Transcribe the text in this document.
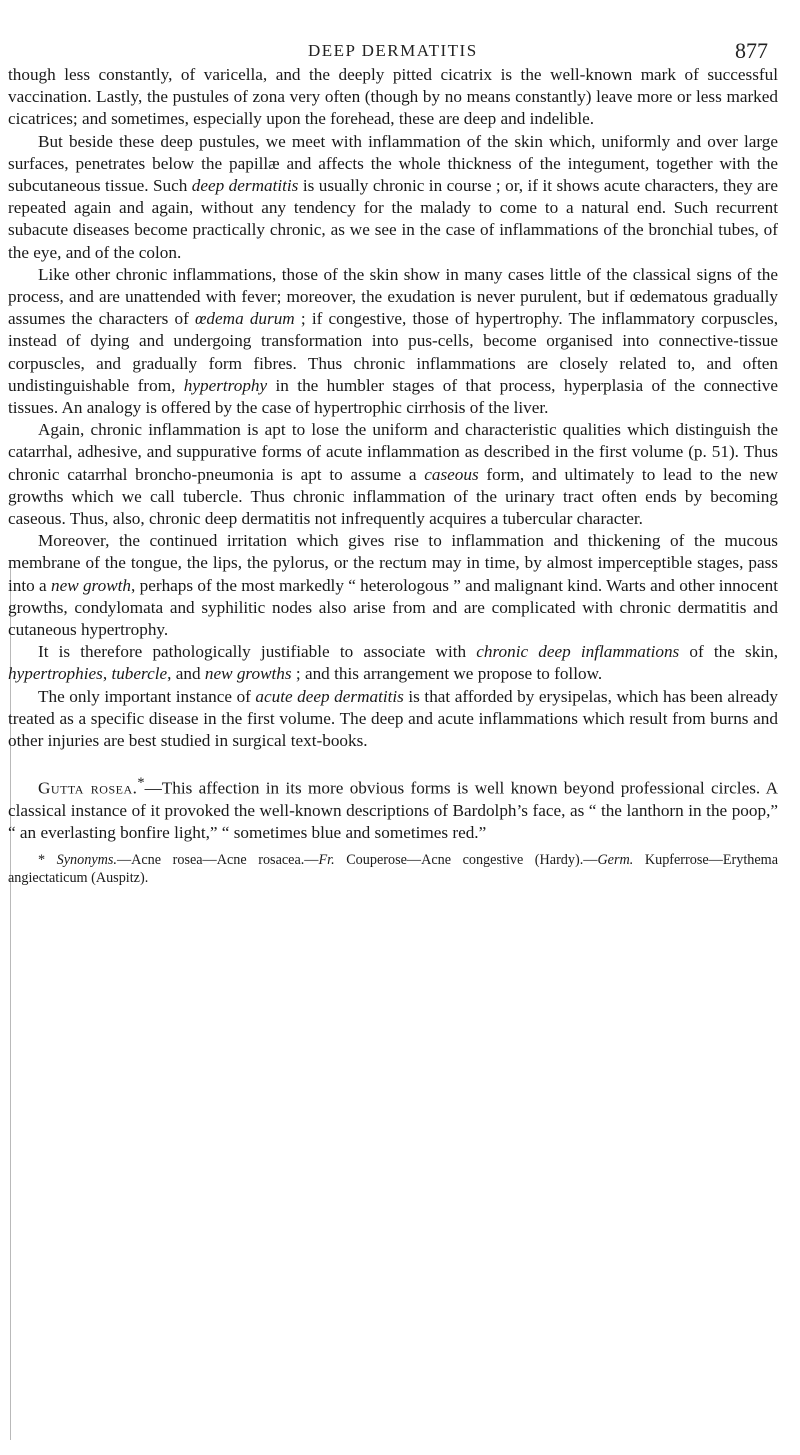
DEEP DERMATITIS	877

though less constantly, of varicella, and the deeply pitted cicatrix is the well-known mark of successful vaccination. Lastly, the pustules of zona very often (though by no means constantly) leave more or less marked cicatrices; and sometimes, especially upon the forehead, these are deep and indelible.

But beside these deep pustules, we meet with inflammation of the skin which, uniformly and over large surfaces, penetrates below the papillæ and affects the whole thickness of the integument, together with the subcutaneous tissue. Such deep dermatitis is usually chronic in course ; or, if it shows acute characters, they are repeated again and again, without any tendency for the malady to come to a natural end. Such recurrent subacute diseases become practically chronic, as we see in the case of inflammations of the bronchial tubes, of the eye, and of the colon.

Like other chronic inflammations, those of the skin show in many cases little of the classical signs of the process, and are unattended with fever; moreover, the exudation is never purulent, but if œdematous gradually assumes the characters of œdema durum ; if congestive, those of hypertrophy. The inflammatory corpuscles, instead of dying and undergoing transformation into pus-cells, become organised into connective-tissue corpuscles, and gradually form fibres. Thus chronic inflammations are closely related to, and often undistinguishable from, hypertrophy in the humbler stages of that process, hyperplasia of the connective tissues. An analogy is offered by the case of hypertrophic cirrhosis of the liver.

Again, chronic inflammation is apt to lose the uniform and characteristic qualities which distinguish the catarrhal, adhesive, and suppurative forms of acute inflammation as described in the first volume (p. 51). Thus chronic catarrhal broncho-pneumonia is apt to assume a caseous form, and ultimately to lead to the new growths which we call tubercle. Thus chronic inflammation of the urinary tract often ends by becoming caseous. Thus, also, chronic deep dermatitis not infrequently acquires a tubercular character.

Moreover, the continued irritation which gives rise to inflammation and thickening of the mucous membrane of the tongue, the lips, the pylorus, or the rectum may in time, by almost imperceptible stages, pass into a new growth, perhaps of the most markedly “ heterologous ” and malignant kind. Warts and other innocent growths, condylomata and syphilitic nodes also arise from and are complicated with chronic dermatitis and cutaneous hypertrophy.

It is therefore pathologically justifiable to associate with chronic deep inflammations of the skin, hypertrophies, tubercle, and new growths ; and this arrangement we propose to follow.

The only important instance of acute deep dermatitis is that afforded by erysipelas, which has been already treated as a specific disease in the first volume. The deep and acute inflammations which result from burns and other injuries are best studied in surgical text-books.

Gutta rosea.*—This affection in its more obvious forms is well known beyond professional circles. A classical instance of it provoked the well-known descriptions of Bardolph’s face, as “ the lanthorn in the poop,” “ an everlasting bonfire light,” “ sometimes blue and sometimes red.”

* Synonyms.—Acne rosea—Acne rosacea.—Fr. Couperose—Acne congestive (Hardy).—Germ. Kupferrose—Erythema angiectaticum (Auspitz).
